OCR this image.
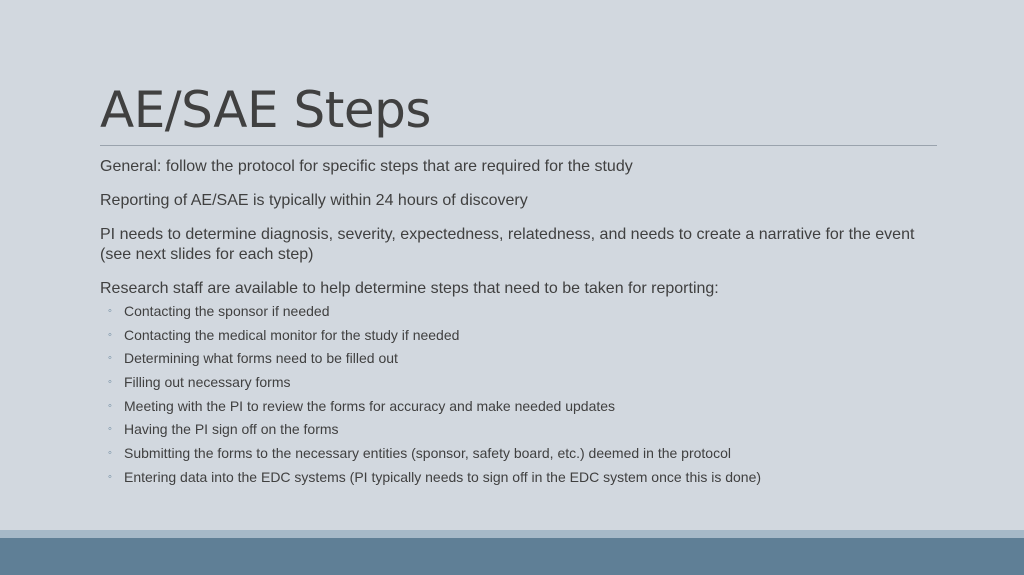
AE/SAE Steps

General: follow the protocol for specific steps that are required for the study

Reporting of AE/SAE is typically within 24 hours of discovery

PI needs to determine diagnosis, severity, expectedness, relatedness, and needs to create a narrative for the event (see next slides for each step)

Research staff are available to help determine steps that need to be taken for reporting:

◦ Contacting the sponsor if needed
◦ Contacting the medical monitor for the study if needed
◦ Determining what forms need to be filled out
◦ Filling out necessary forms
◦ Meeting with the PI to review the forms for accuracy and make needed updates
◦ Having the PI sign off on the forms
◦ Submitting the forms to the necessary entities (sponsor, safety board, etc.) deemed in the protocol
◦ Entering data into the EDC systems (PI typically needs to sign off in the EDC system once this is done)
